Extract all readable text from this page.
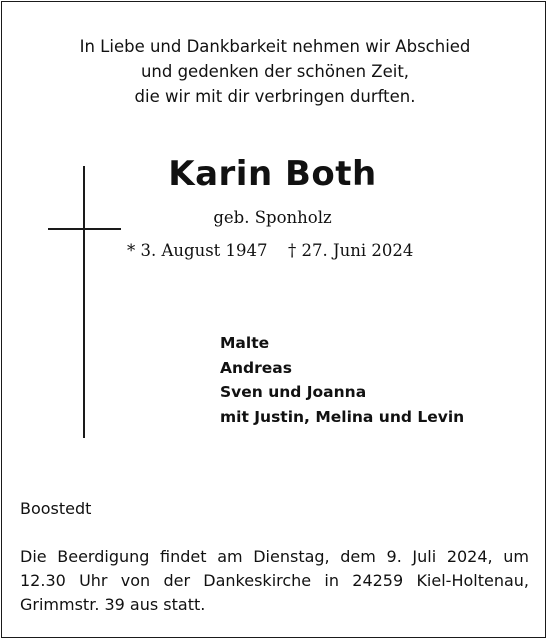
In Liebe und Dankbarkeit nehmen wir Abschied
und gedenken der schönen Zeit,
die wir mit dir verbringen durften.
Karin Both
geb. Sponholz
* 3. August 1947 † 27. Juni 2024
Malte
Andreas
Sven und Joanna
mit Justin, Melina und Levin
Boostedt
Die Beerdigung findet am Dienstag, dem 9. Juli 2024, um
12.30 Uhr von der Dankeskirche in 24259 Kiel-Holtenau,
Grimmstr. 39 aus statt.
